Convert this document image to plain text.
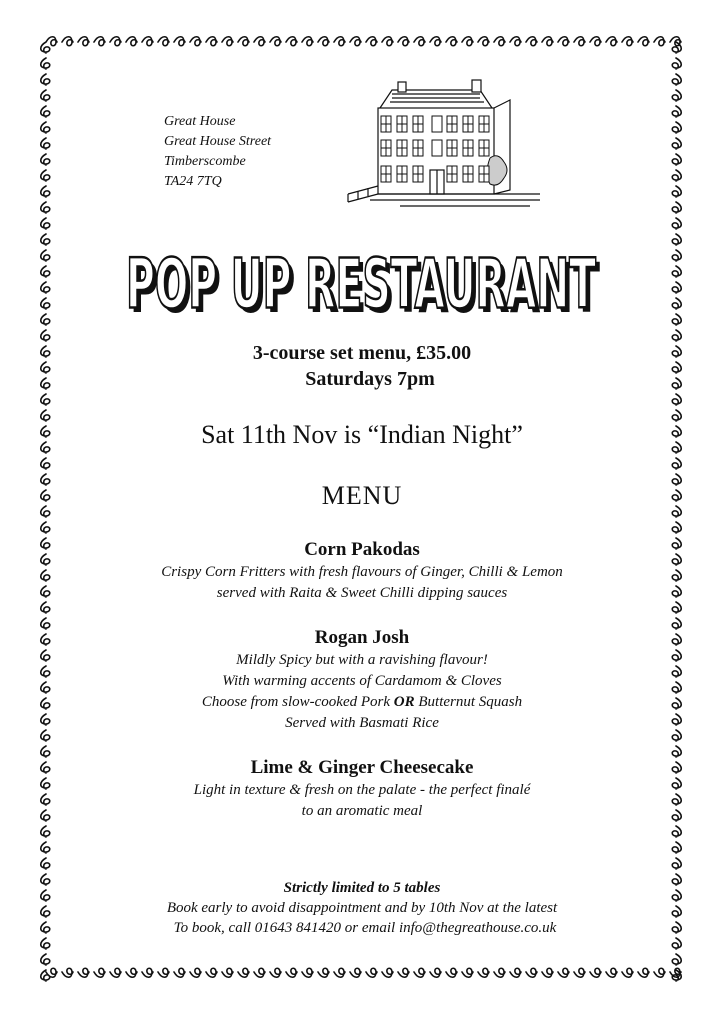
Great House
Great House Street
Timberscombe
TA24 7TQ
POP UP RESTAURANT
POP UP RESTAURANT
3-course set menu, £35.00
Saturdays 7pm
Sat 11th Nov is “Indian Night”
MENU
Corn Pakodas
Crispy Corn Fritters with fresh flavours of Ginger, Chilli & Lemon
served with Raita & Sweet Chilli dipping sauces
Rogan Josh
Mildly Spicy but with a ravishing flavour!
With warming accents of Cardamom & Cloves
Choose from slow-cooked Pork OR Butternut Squash
Served with Basmati Rice
Lime & Ginger Cheesecake
Light in texture & fresh on the palate - the perfect finalé
to an aromatic meal
Strictly limited to 5 tables
Book early to avoid disappointment and by 10th Nov at the latest
To book, call 01643 841420 or email info@thegreathouse.co.uk
